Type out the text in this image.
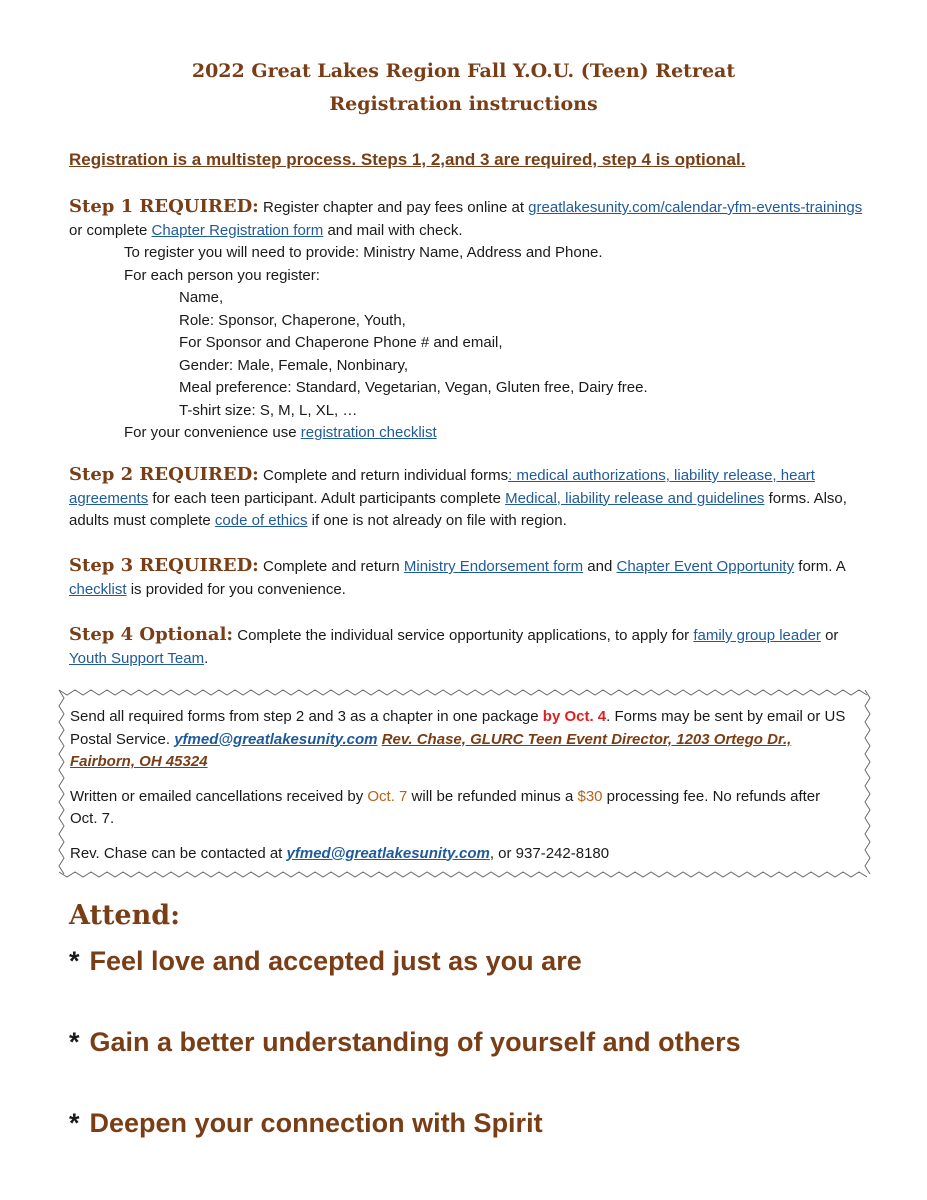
2022 Great Lakes Region Fall Y.O.U. (Teen) Retreat
Registration instructions
Registration is a multistep process. Steps 1, 2,and 3 are required, step 4 is optional.
Step 1 REQUIRED: Register chapter and pay fees online at greatlakesunity.com/calendar-yfm-events-trainings or complete Chapter Registration form and mail with check.
To register you will need to provide: Ministry Name, Address and Phone.
For each person you register:
Name,
Role: Sponsor, Chaperone, Youth,
For Sponsor and Chaperone Phone # and email,
Gender: Male, Female, Nonbinary,
Meal preference: Standard, Vegetarian, Vegan, Gluten free, Dairy free.
T-shirt size: S, M, L, XL, …
For your convenience use registration checklist
Step 2 REQUIRED: Complete and return individual forms: medical authorizations, liability release, heart agreements for each teen participant. Adult participants complete Medical, liability release and guidelines forms. Also, adults must complete code of ethics if one is not already on file with region.
Step 3 REQUIRED: Complete and return Ministry Endorsement form and Chapter Event Opportunity form. A checklist is provided for you convenience.
Step 4 Optional: Complete the individual service opportunity applications, to apply for family group leader or Youth Support Team.

Send all required forms from step 2 and 3 as a chapter in one package by Oct. 4. Forms may be sent by email or US Postal Service. yfmed@greatlakesunity.com Rev. Chase, GLURC Teen Event Director, 1203 Ortego Dr., Fairborn, OH 45324

Written or emailed cancellations received by Oct. 7 will be refunded minus a $30 processing fee. No refunds after Oct. 7.

Rev. Chase can be contacted at yfmed@greatlakesunity.com, or 937-242-8180

Attend:
* Feel love and accepted just as you are
* Gain a better understanding of yourself and others
* Deepen your connection with Spirit
